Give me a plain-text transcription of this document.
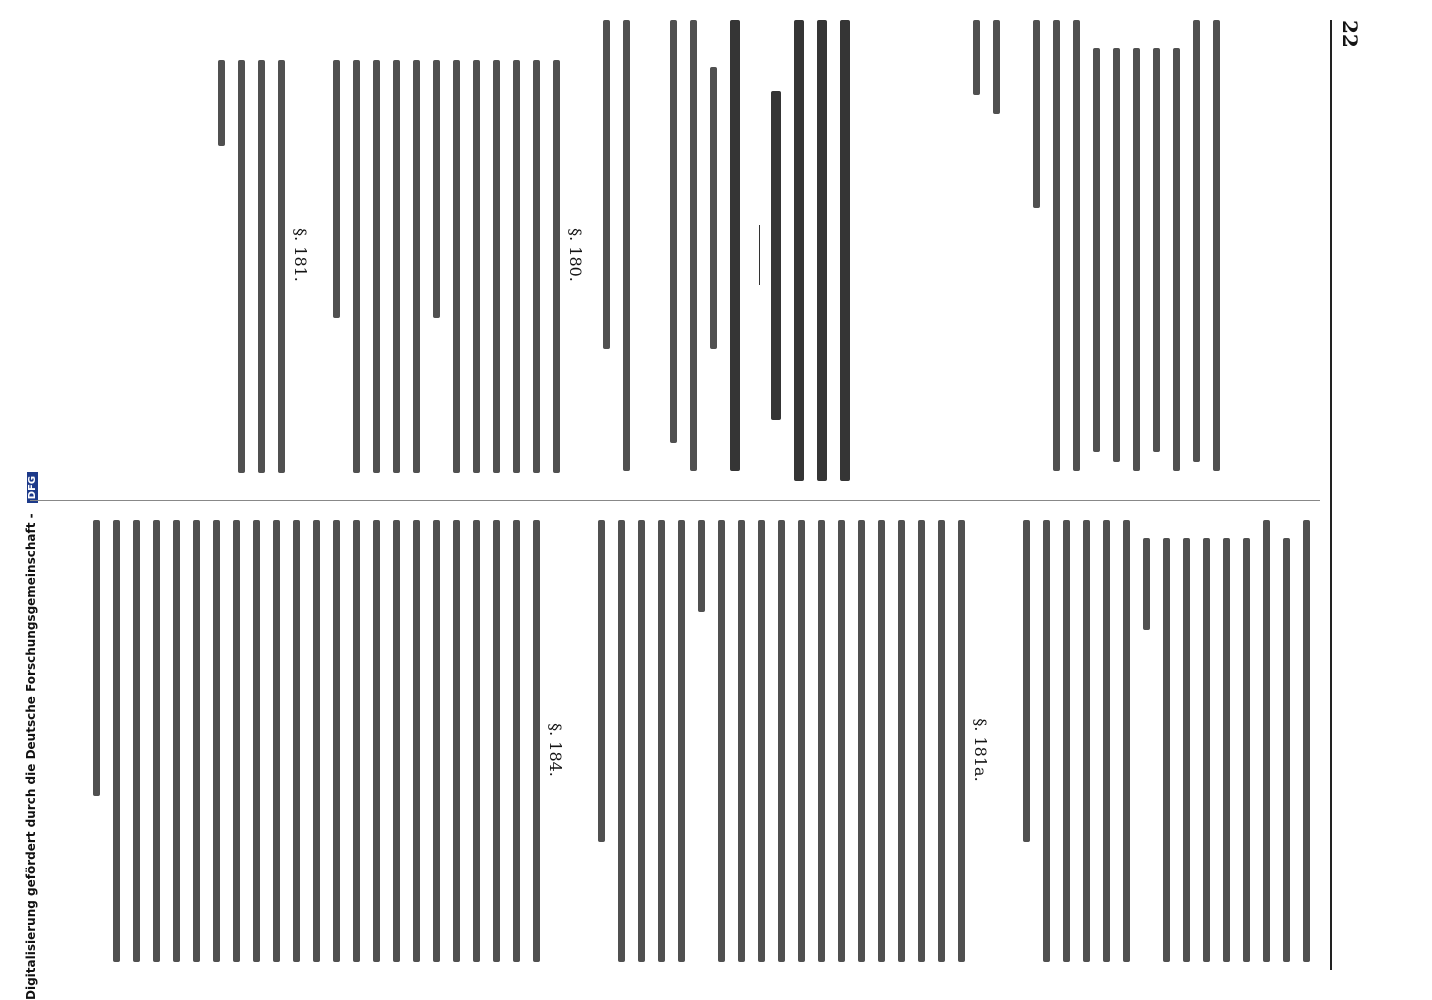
Digitalisierung gefördert durch die Deutsche Forschungsgemeinschaft - DFG
22
§. 180.
§. 181.
§. 181a.
§. 184.
